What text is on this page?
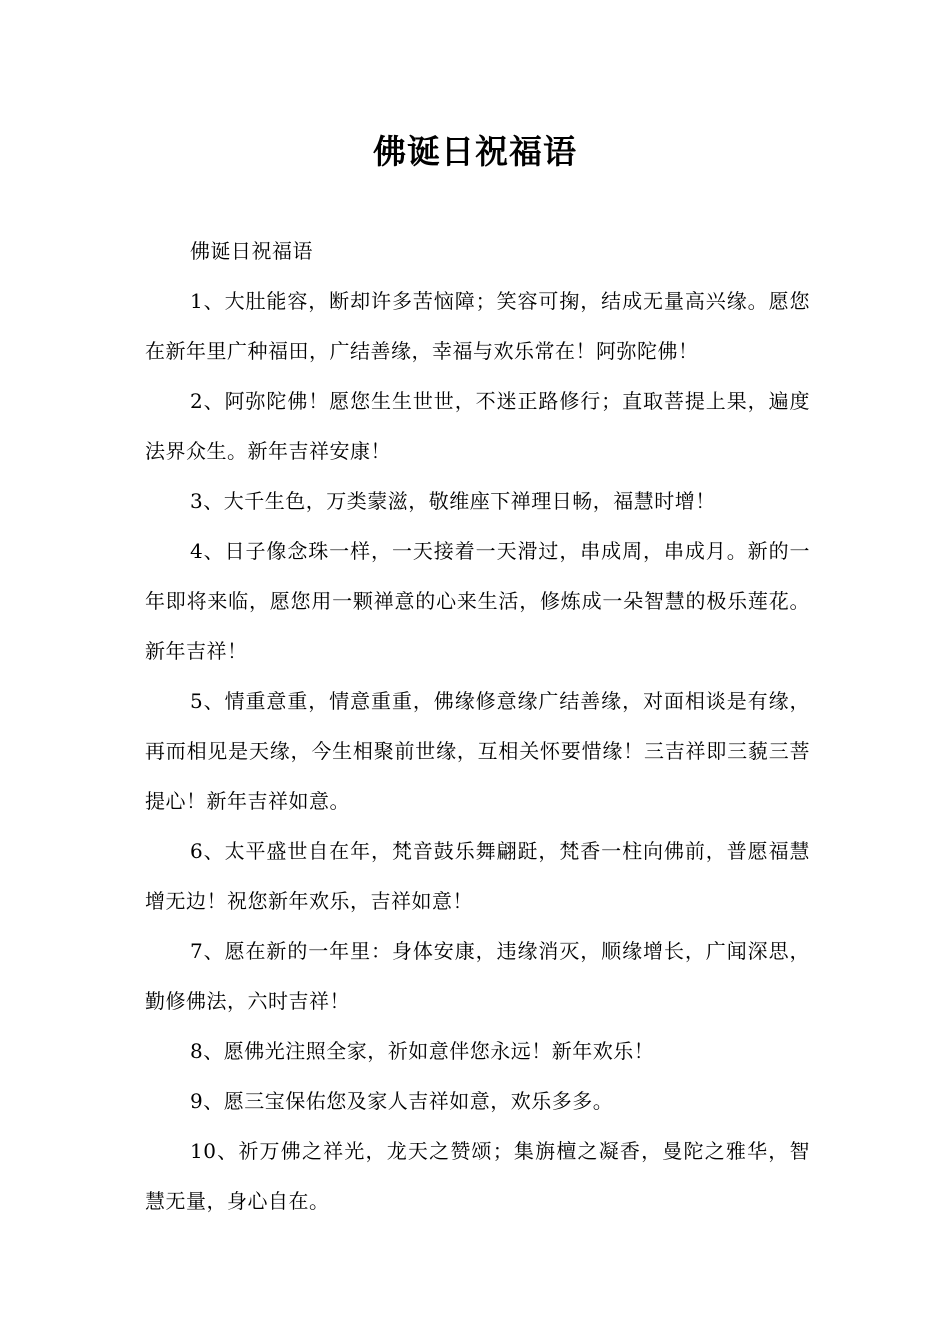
佛诞日祝福语

佛诞日祝福语

1、大肚能容，断却许多苦恼障；笑容可掬，结成无量高兴缘。愿您在新年里广种福田，广结善缘，幸福与欢乐常在！阿弥陀佛！

2、阿弥陀佛！愿您生生世世，不迷正路修行；直取菩提上果，遍度法界众生。新年吉祥安康！

3、大千生色，万类蒙滋，敬维座下禅理日畅，福慧时增！

4、日子像念珠一样，一天接着一天滑过，串成周，串成月。新的一年即将来临，愿您用一颗禅意的心来生活，修炼成一朵智慧的极乐莲花。新年吉祥！

5、情重意重，情意重重，佛缘修意缘广结善缘，对面相谈是有缘，再而相见是天缘，今生相聚前世缘，互相关怀要惜缘！三吉祥即三藐三菩提心！新年吉祥如意。

6、太平盛世自在年，梵音鼓乐舞翩跹，梵香一柱向佛前，普愿福慧增无边！祝您新年欢乐，吉祥如意！

7、愿在新的一年里：身体安康，违缘消灭，顺缘增长，广闻深思，勤修佛法，六时吉祥！

8、愿佛光注照全家，祈如意伴您永远！新年欢乐！

9、愿三宝保佑您及家人吉祥如意，欢乐多多。

10、祈万佛之祥光，龙天之赞颂；集旃檀之凝香，曼陀之雅华，智慧无量，身心自在。
